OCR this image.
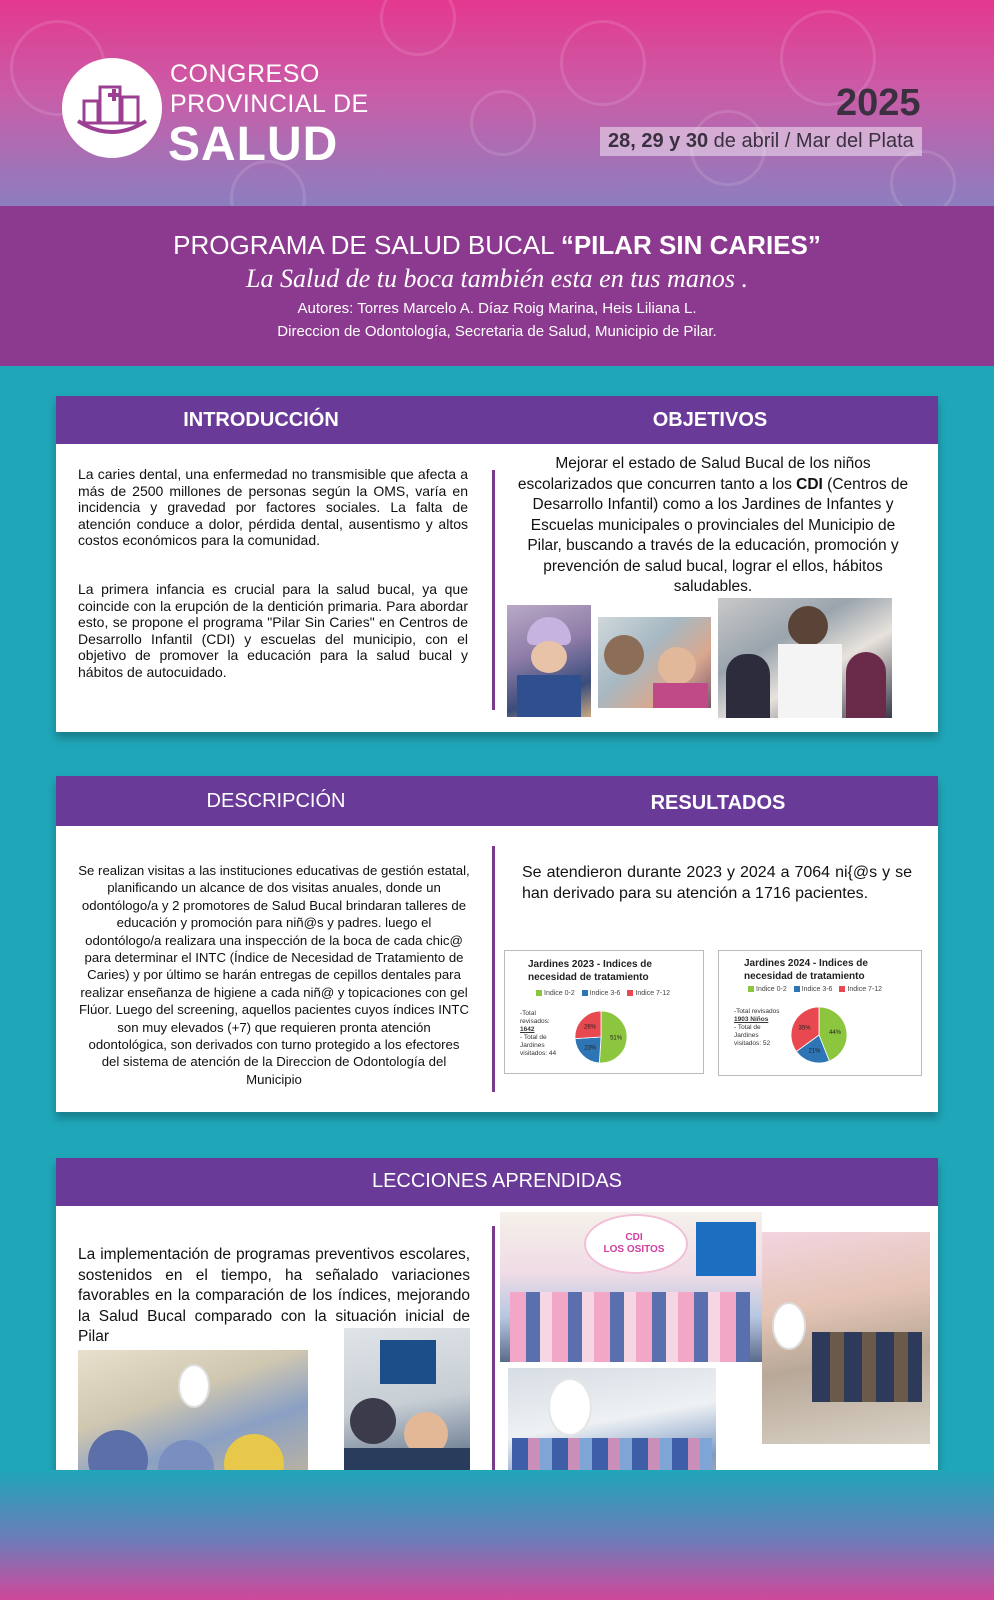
CONGRESO
PROVINCIAL DE
SALUD
2025
28, 29 y 30 de abril / Mar del Plata
PROGRAMA DE SALUD BUCAL “PILAR SIN CARIES”
La Salud de tu boca también esta en tus manos .
Autores: Torres Marcelo A. Díaz Roig Marina, Heis Liliana L.
Direccion de Odontología, Secretaria de Salud, Municipio de Pilar.
INTRODUCCIÓN	OBJETIVOS
La caries dental, una enfermedad no transmisible que afecta a más de 2500 millones de personas según la OMS, varía en incidencia y gravedad por factores sociales. La falta de atención conduce a dolor, pérdida dental, ausentismo y altos costos económicos para la comunidad.
La primera infancia es crucial para la salud bucal, ya que coincide con la erupción de la dentición primaria. Para abordar esto, se propone el programa "Pilar Sin Caries" en Centros de Desarrollo Infantil (CDI) y escuelas del municipio, con el objetivo de promover la educación para la salud bucal y hábitos de autocuidado.
Mejorar el estado de Salud Bucal de los niños escolarizados que concurren tanto a los CDI (Centros de Desarrollo Infantil) como a los Jardines de Infantes y Escuelas municipales o provinciales del Municipio de Pilar, buscando a través de la educación, promoción y prevención de salud bucal, lograr el ellos, hábitos saludables.
DESCRIPCIÓN	RESULTADOS
Se realizan visitas a las instituciones educativas de gestión estatal, planificando un alcance de dos visitas anuales, donde un odontólogo/a y 2 promotores de Salud Bucal brindaran talleres de educación y promoción para niñ@s y padres. luego el odontólogo/a realizara una inspección de la boca de cada chic@ para determinar el INTC (Índice de Necesidad de Tratamiento de Caries) y por último se harán entregas de cepillos dentales para realizar enseñanza de higiene a cada niñ@ y topicaciones con gel Flúor. Luego del screening, aquellos pacientes cuyos índices INTC son muy elevados (+7) que requieren pronta atención odontológica, son derivados con turno protegido a los efectores del sistema de atención de la Direccion de Odontología del Municipio
Se atendieron durante 2023 y 2024 a 7064 ni{@s y se han derivado para su atención a 1716 pacientes.
Jardines 2023 - Indices de necesidad de tratamiento
Indice 0-2 Indice 3-6 Indice 7-12
-Total
revisados:
1642
- Total de
Jardines
visitados: 44
51%
23%
26%
Jardines 2024 - Indices de necesidad de tratamiento
Indice 0-2 Indice 3-6 Indice 7-12
-Total revisados
1903 Niños
- Total de
Jardines
visitados: 52
44%
21%
35%
LECCIONES APRENDIDAS
La implementación de programas preventivos escolares, sostenidos en el tiempo, ha señalado variaciones favorables en la comparación de los índices, mejorando la Salud Bucal comparado con la situación inicial de Pilar
CDI
LOS OSITOS
